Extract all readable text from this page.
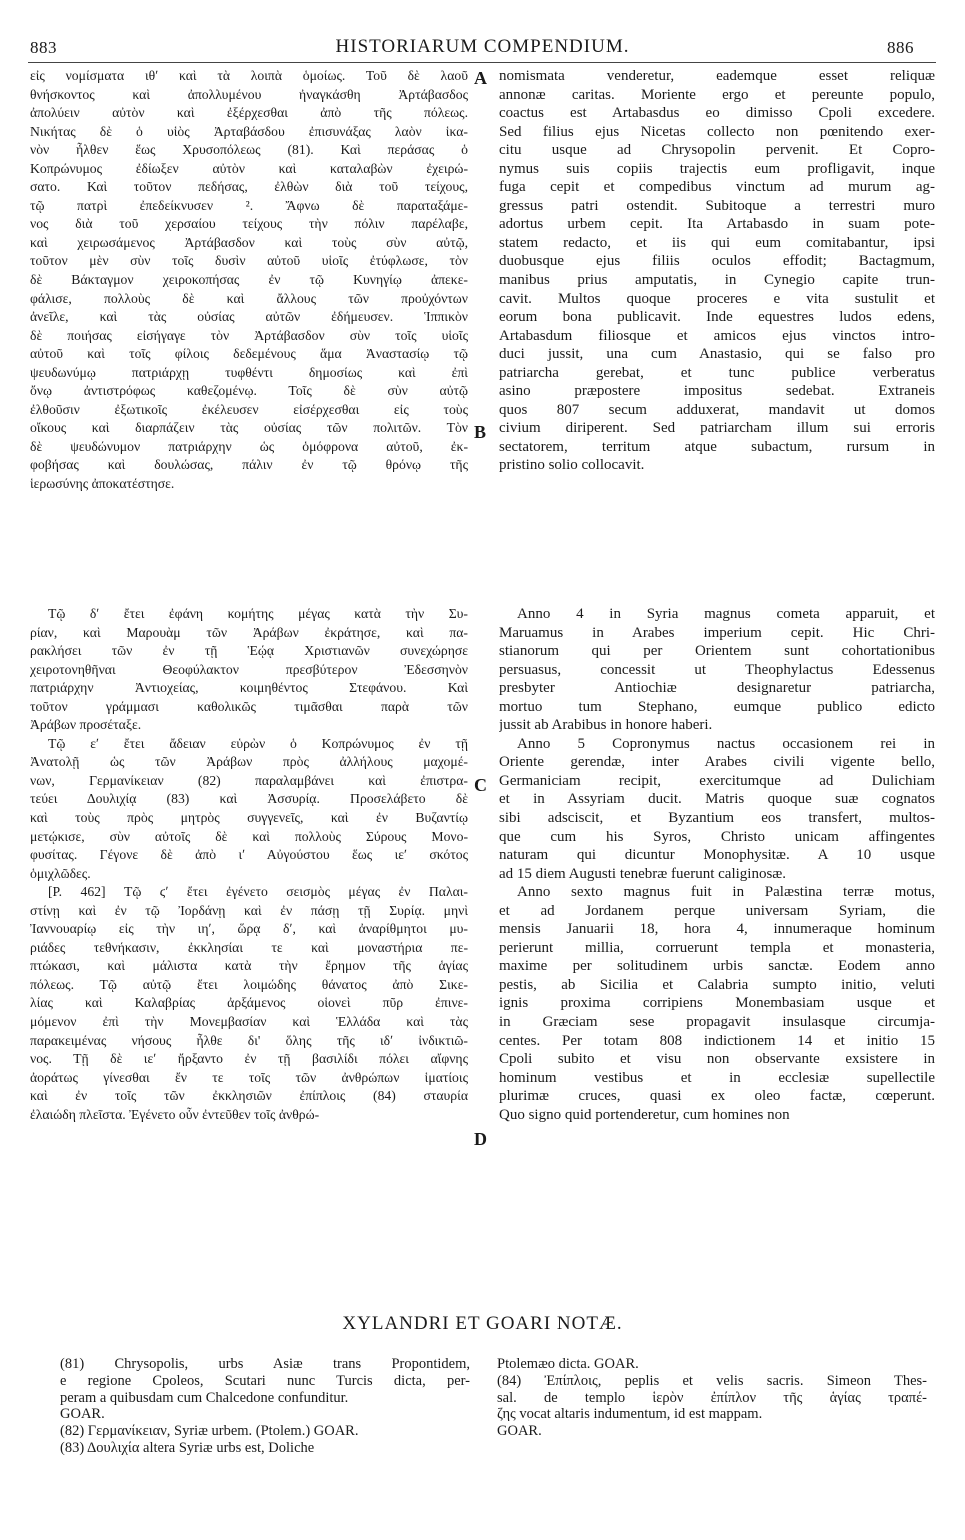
883	HISTORIARUM COMPENDIUM.	886
εἰς νομίσματα ιθʹ καὶ τὰ λοιπὰ ὁμοίως. Τοῦ δὲ λαοῦ
θνήσκοντος καὶ ἀπολλυμένου ἠναγκάσθη Ἀρτάβασδος
ἀπολύειν αὐτὸν καὶ ἐξέρχεσθαι ἀπὸ τῆς πόλεως.
Νικήτας δὲ ὁ υἱὸς Ἀρταβάσδου ἐπισυνάξας λαὸν ἱκα-
νὸν ἦλθεν ἕως Χρυσοπόλεως (81). Καὶ περάσας ὁ
Κοπρώνυμος ἐδίωξεν αὐτὸν καὶ καταλαβὼν ἐχειρώ-
σατο. Καὶ τοῦτον πεδήσας, ἐλθὼν διὰ τοῦ τείχους,
τῷ πατρὶ ἐπεδείκνυσεν ². Ἄφνω δὲ παραταξάμε-
νος διὰ τοῦ χερσαίου τείχους τὴν πόλιν παρέλαβε,
καὶ χειρωσάμενος Ἀρτάβασδον καὶ τοὺς σὺν αὐτῷ,
τοῦτον μὲν σὺν τοῖς δυσὶν αὐτοῦ υἱοῖς ἐτύφλωσε, τὸν
δὲ Βάκταγμον χειροκοπήσας ἐν τῷ Κυνηγίῳ ἀπεκε-
φάλισε, πολλοὺς δὲ καὶ ἄλλους τῶν προὐχόντων
ἀνεῖλε, καὶ τὰς οὐσίας αὐτῶν ἐδήμευσεν. Ἱππικὸν
δὲ ποιήσας εἰσήγαγε τὸν Ἀρτάβασδον σὺν τοῖς υἱοῖς
αὐτοῦ καὶ τοῖς φίλοις δεδεμένους ἅμα Ἀναστασίῳ τῷ
ψευδωνύμῳ πατριάρχῃ τυφθέντι δημοσίως καὶ ἐπὶ
ὄνῳ ἀντιστρόφως καθεζομένῳ. Τοῖς δὲ σὺν αὐτῷ
ἐλθοῦσιν ἐξωτικοῖς ἐκέλευσεν εἰσέρχεσθαι εἰς τοὺς
οἴκους καὶ διαρπάζειν τὰς οὐσίας τῶν πολιτῶν. Τὸν
δὲ ψευδώνυμον πατριάρχην ὡς ὁμόφρονα αὐτοῦ, ἐκ-
φοβήσας καὶ δουλώσας, πάλιν ἐν τῷ θρόνῳ τῆς
ἱερωσύνης ἀποκατέστησε.
Τῷ δʹ ἔτει ἐφάνη κομήτης μέγας κατὰ τὴν Συ-
ρίαν, καὶ Μαρουὰμ τῶν Ἀράβων ἐκράτησε, καὶ πα-
ρακλήσει τῶν ἐν τῇ Ἑῴᾳ Χριστιανῶν συνεχώρησε
χειροτονηθῆναι Θεοφύλακτον πρεσβύτερον Ἐδεσσηνὸν
πατριάρχην Ἀντιοχείας, κοιμηθέντος Στεφάνου. Καὶ
τοῦτον γράμμασι καθολικῶς τιμᾶσθαι παρὰ τῶν
Ἀράβων προσέταξε.
Τῷ εʹ ἔτει ἄδειαν εὑρὼν ὁ Κοπρώνυμος ἐν τῇ
Ἀνατολῇ ὡς τῶν Ἀράβων πρὸς ἀλλήλους μαχομέ-
νων, Γερμανίκειαν (82) παραλαμβάνει καὶ ἐπιστρα-
τεύει Δουλιχίᾳ (83) καὶ Ἀσσυρίᾳ. Προσελάβετο δὲ
καὶ τοὺς πρὸς μητρὸς συγγενεῖς, καὶ ἐν Βυζαντίῳ
μετῴκισε, σὺν αὐτοῖς δὲ καὶ πολλοὺς Σύρους Μονο-
φυσίτας. Γέγονε δὲ ἀπὸ ιʹ Αὐγούστου ἕως ιεʹ σκότος
ὁμιχλῶδες.
[P. 462] Τῷ ϛʹ ἔτει ἐγένετο σεισμὸς μέγας ἐν Παλαι-
στίνῃ καὶ ἐν τῷ Ἰορδάνῃ καὶ ἐν πάσῃ τῇ Συρίᾳ. μηνὶ
Ἰαννουαρίῳ εἰς τὴν ιηʹ, ὥρᾳ δʹ, καὶ ἀναρίθμητοι μυ-
ριάδες τεθνήκασιν, ἐκκλησίαι τε καὶ μοναστήρια πε-
πτώκασι, καὶ μάλιστα κατὰ τὴν ἔρημον τῆς ἁγίας
πόλεως. Τῷ αὐτῷ ἔτει λοιμώδης θάνατος ἀπὸ Σικε-
λίας καὶ Καλαβρίας ἀρξάμενος οἱονεὶ πῦρ ἐπινε-
μόμενον ἐπὶ τὴν Μονεμβασίαν καὶ Ἑλλάδα καὶ τὰς
παρακειμένας νήσους ἦλθε δι' ὅλης τῆς ιδʹ ἰνδικτιῶ-
νος. Τῇ δὲ ιεʹ ἤρξαντο ἐν τῇ βασιλίδι πόλει αἴφνης
ἀοράτως γίνεσθαι ἔν τε τοῖς τῶν ἀνθρώπων ἱματίοις
καὶ ἐν τοῖς τῶν ἐκκλησιῶν ἐπίπλοις (84) σταυρία
ἐλαιώδη πλεῖστα. Ἐγένετο οὖν ἐντεῦθεν τοῖς ἀνθρώ-
nomismata venderetur, eademque esset reliquæ
annonæ caritas. Moriente ergo et pereunte populo,
coactus est Artabasdus eo dimisso Cpoli excedere.
Sed filius ejus Nicetas collecto non pœnitendo exer-
citu usque ad Chrysopolin pervenit. Et Copro-
nymus suis copiis trajectis eum profligavit, inque
fuga cepit et compedibus vinctum ad murum ag-
gressus patri ostendit. Subitoque a terrestri muro
adortus urbem cepit. Ita Artabasdo in suam pote-
statem redacto, et iis qui eum comitabantur, ipsi
duobusque ejus filiis oculos effodit; Bactagmum,
manibus prius amputatis, in Cynegio capite trun-
cavit. Multos quoque proceres e vita sustulit et
eorum bona publicavit. Inde equestres ludos edens,
Artabasdum filiosque et amicos ejus vinctos intro-
duci jussit, una cum Anastasio, qui se falso pro
patriarcha gerebat, et tunc publice verberatus
asino præpostere impositus sedebat. Extraneis
quos 807 secum adduxerat, mandavit ut domos
civium diriperent. Sed patriarcham illum sui erroris
sectatorem, territum atque subactum, rursum in
pristino solio collocavit.
Anno 4 in Syria magnus cometa apparuit, et
Maruamus in Arabes imperium cepit. Hic Chri-
stianorum qui per Orientem sunt cohortationibus
persuasus, concessit ut Theophylactus Edessenus
presbyter Antiochiæ designaretur patriarcha,
mortuo tum Stephano, eumque publico edicto
jussit ab Arabibus in honore haberi.
Anno 5 Copronymus nactus occasionem rei in
Oriente gerendæ, inter Arabes civili vigente bello,
Germaniciam recipit, exercitumque ad Dulichiam
et in Assyriam ducit. Matris quoque suæ cognatos
sibi adsciscit, et Byzantium eos transfert, multos-
que cum his Syros, Christo unicam affingentes
naturam qui dicuntur Monophysitæ. A 10 usque
ad 15 diem Augusti tenebræ fuerunt caliginosæ.
Anno sexto magnus fuit in Palæstina terræ motus,
et ad Jordanem perque universam Syriam, die
mensis Januarii 18, hora 4, innumeraque hominum
perierunt millia, corruerunt templa et monasteria,
maxime per solitudinem urbis sanctæ. Eodem anno
pestis, ab Sicilia et Calabria sumpto initio, veluti
ignis proxima corripiens Monembasiam usque et
in Græciam sese propagavit insulasque circumja-
centes. Per totam 808 indictionem 14 et initio 15
Cpoli subito et visu non observante exsistere in
hominum vestibus et in ecclesiæ supellectile
plurimæ cruces, quasi ex oleo factæ, cœperunt.
Quo signo quid portenderetur, cum homines non
A
B
C
D
XYLANDRI ET GOARI NOTÆ.
(81) Chrysopolis, urbs Asiæ trans Propontidem,
e regione Cpoleos, Scutari nunc Turcis dicta, per-
peram a quibusdam cum Chalcedone confunditur.
GOAR.
(82) Γερμανίκειαν, Syriæ urbem. (Ptolem.) GOAR.
(83) Δουλιχία altera Syriæ urbs est, Doliche
Ptolemæo dicta. GOAR.
(84) Ἐπίπλοις, peplis et velis sacris. Simeon Thes-
sal. de templo ἱερὸν ἐπίπλον τῆς ἁγίας τραπέ-
ζης vocat altaris indumentum, id est mappam.
GOAR.
